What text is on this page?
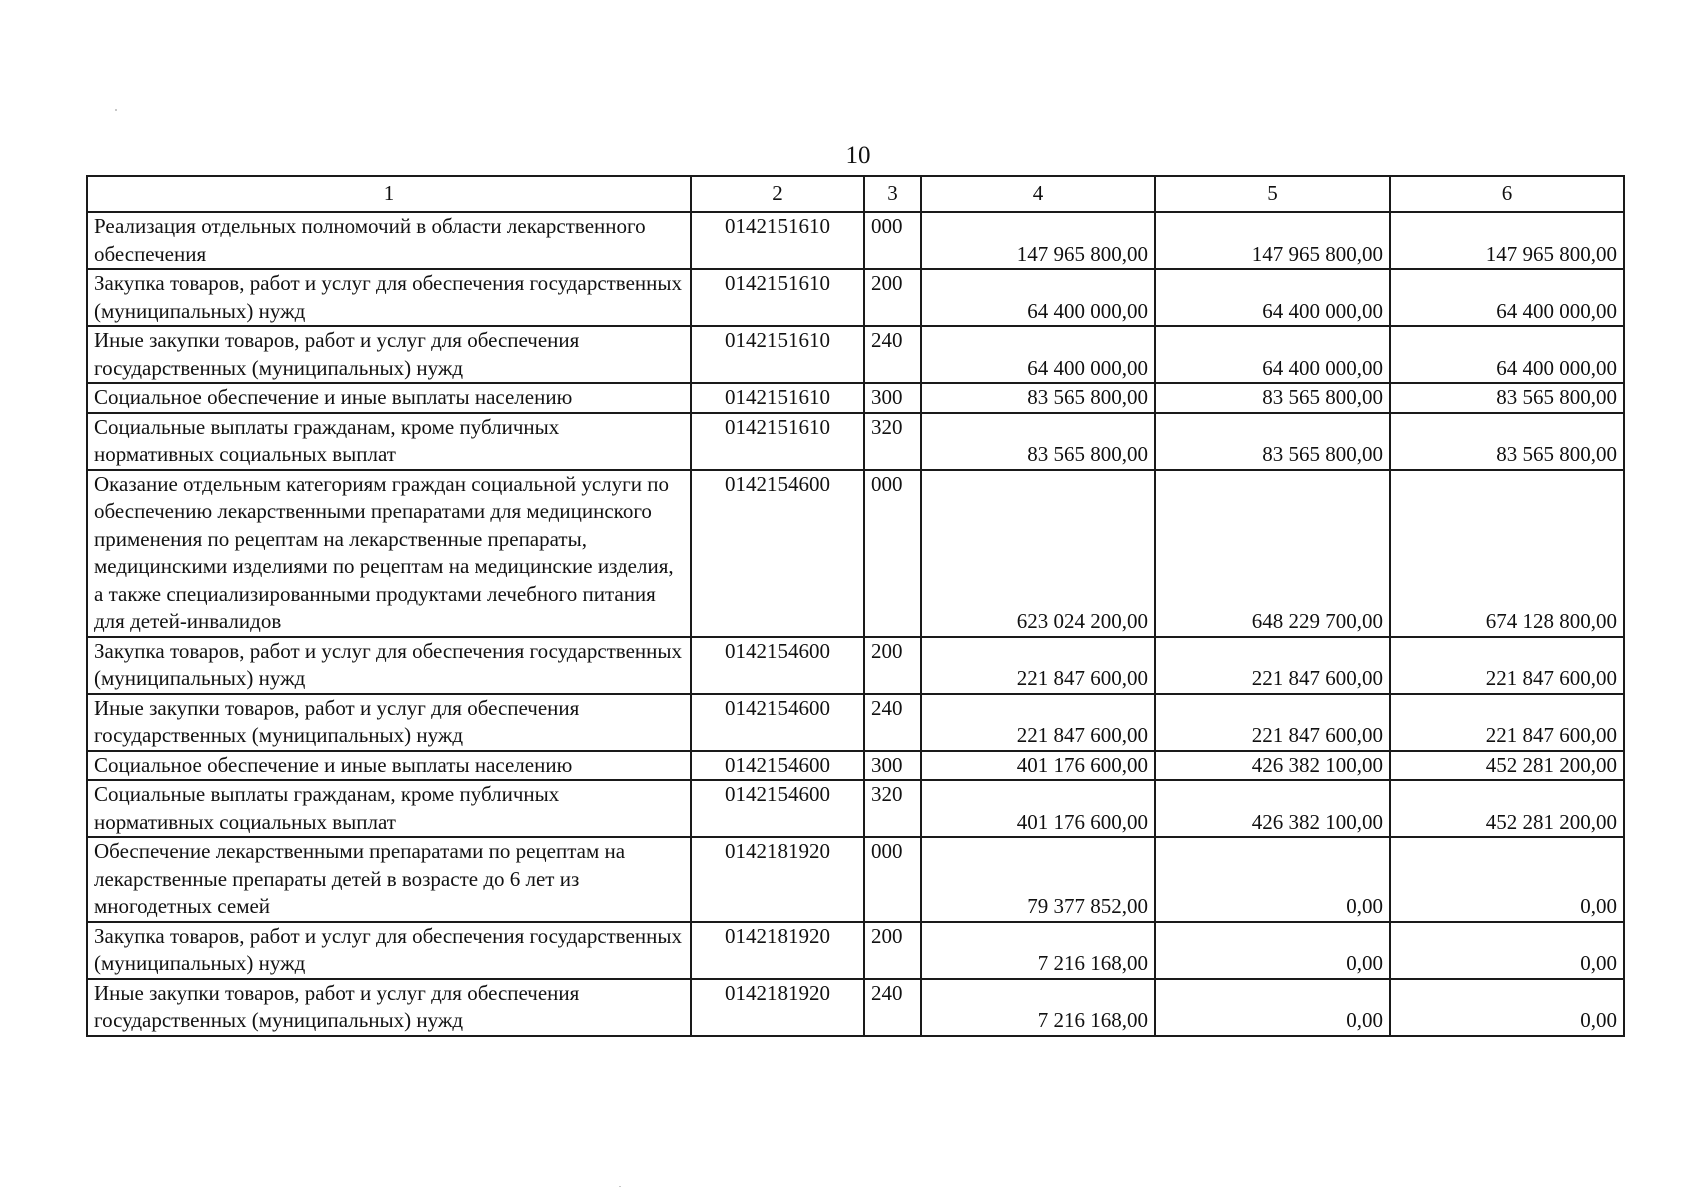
10
1	2	3	4	5	6
Реализация отдельных полномочий в области лекарственного обеспечения	0142151610	000	147 965 800,00	147 965 800,00	147 965 800,00
Закупка товаров, работ и услуг для обеспечения государственных (муниципальных) нужд	0142151610	200	64 400 000,00	64 400 000,00	64 400 000,00
Иные закупки товаров, работ и услуг для обеспечения государственных (муниципальных) нужд	0142151610	240	64 400 000,00	64 400 000,00	64 400 000,00
Социальное обеспечение и иные выплаты населению	0142151610	300	83 565 800,00	83 565 800,00	83 565 800,00
Социальные выплаты гражданам, кроме публичных нормативных социальных выплат	0142151610	320	83 565 800,00	83 565 800,00	83 565 800,00
Оказание отдельным категориям граждан социальной услуги по обеспечению лекарственными препаратами для медицинского применения по рецептам на лекарственные препараты, медицинскими изделиями по рецептам на медицинские изделия, а также специализированными продуктами лечебного питания для детей-инвалидов	0142154600	000	623 024 200,00	648 229 700,00	674 128 800,00
Закупка товаров, работ и услуг для обеспечения государственных (муниципальных) нужд	0142154600	200	221 847 600,00	221 847 600,00	221 847 600,00
Иные закупки товаров, работ и услуг для обеспечения государственных (муниципальных) нужд	0142154600	240	221 847 600,00	221 847 600,00	221 847 600,00
Социальное обеспечение и иные выплаты населению	0142154600	300	401 176 600,00	426 382 100,00	452 281 200,00
Социальные выплаты гражданам, кроме публичных нормативных социальных выплат	0142154600	320	401 176 600,00	426 382 100,00	452 281 200,00
Обеспечение лекарственными препаратами по рецептам на лекарственные препараты детей в возрасте до 6 лет из многодетных семей	0142181920	000	79 377 852,00	0,00	0,00
Закупка товаров, работ и услуг для обеспечения государственных (муниципальных) нужд	0142181920	200	7 216 168,00	0,00	0,00
Иные закупки товаров, работ и услуг для обеспечения государственных (муниципальных) нужд	0142181920	240	7 216 168,00	0,00	0,00
